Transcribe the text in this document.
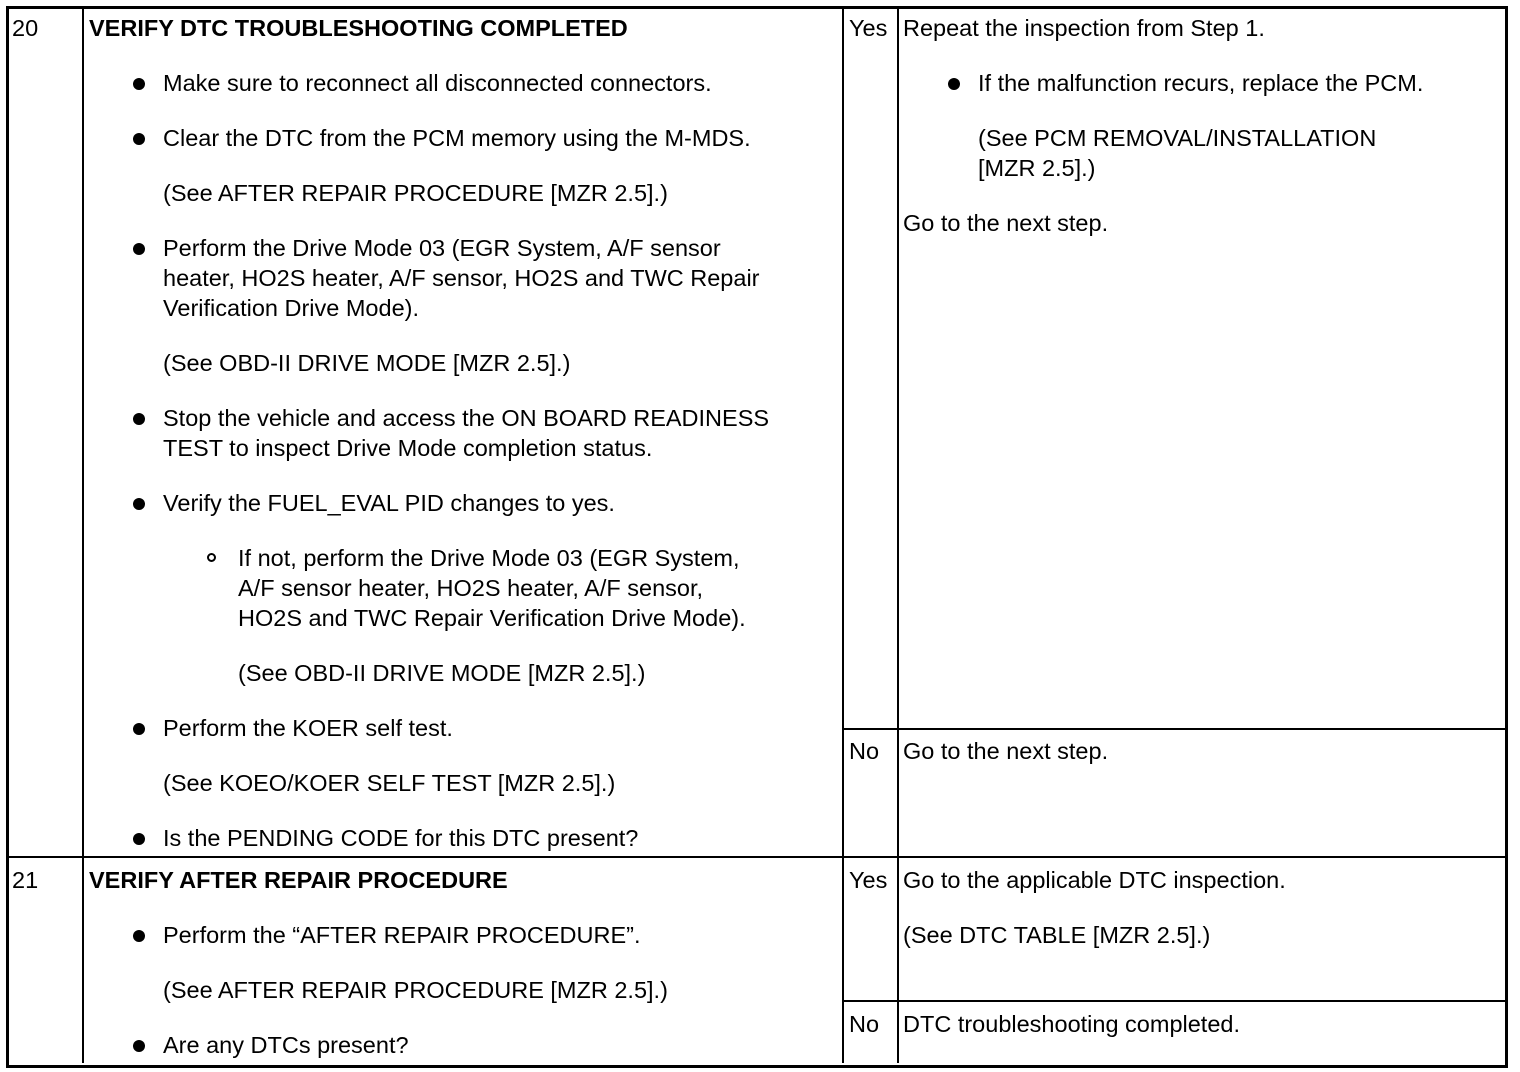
20 VERIFY DTC TROUBLESHOOTING COMPLETED
Make sure to reconnect all disconnected connectors.
Clear the DTC from the PCM memory using the M-MDS.
(See AFTER REPAIR PROCEDURE [MZR 2.5].)
Perform the Drive Mode 03 (EGR System, A/F sensor
heater, HO2S heater, A/F sensor, HO2S and TWC Repair
Verification Drive Mode).
(See OBD-II DRIVE MODE [MZR 2.5].)
Stop the vehicle and access the ON BOARD READINESS
TEST to inspect Drive Mode completion status.
Verify the FUEL_EVAL PID changes to yes.
If not, perform the Drive Mode 03 (EGR System,
A/F sensor heater, HO2S heater, A/F sensor,
HO2S and TWC Repair Verification Drive Mode).
(See OBD-II DRIVE MODE [MZR 2.5].)
Perform the KOER self test.
(See KOEO/KOER SELF TEST [MZR 2.5].)
Is the PENDING CODE for this DTC present?
Yes Repeat the inspection from Step 1.
If the malfunction recurs, replace the PCM.
(See PCM REMOVAL/INSTALLATION
[MZR 2.5].)
Go to the next step.
No Go to the next step.
21 VERIFY AFTER REPAIR PROCEDURE
Perform the “AFTER REPAIR PROCEDURE”.
(See AFTER REPAIR PROCEDURE [MZR 2.5].)
Are any DTCs present?
Yes Go to the applicable DTC inspection.
(See DTC TABLE [MZR 2.5].)
No DTC troubleshooting completed.
